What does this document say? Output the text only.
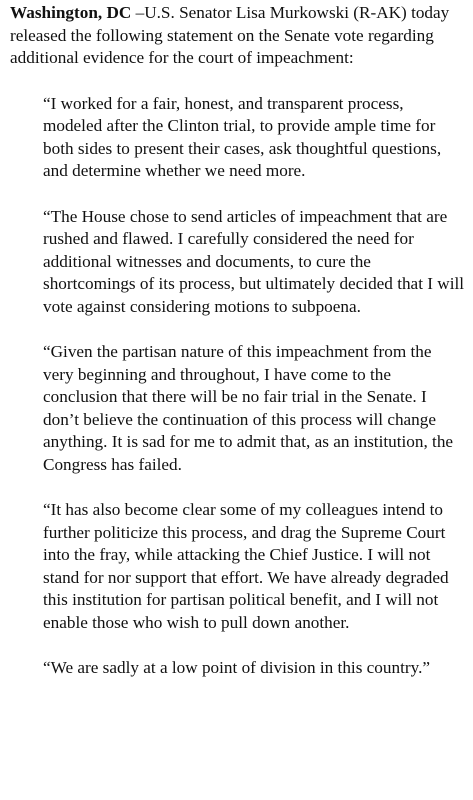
Washington, DC –U.S. Senator Lisa Murkowski (R-AK) today released the following statement on the Senate vote regarding additional evidence for the court of impeachment:

“I worked for a fair, honest, and transparent process, modeled after the Clinton trial, to provide ample time for both sides to present their cases, ask thoughtful questions, and determine whether we need more.

“The House chose to send articles of impeachment that are rushed and flawed. I carefully considered the need for additional witnesses and documents, to cure the shortcomings of its process, but ultimately decided that I will vote against considering motions to subpoena.

“Given the partisan nature of this impeachment from the very beginning and throughout, I have come to the conclusion that there will be no fair trial in the Senate. I don’t believe the continuation of this process will change anything. It is sad for me to admit that, as an institution, the Congress has failed.

“It has also become clear some of my colleagues intend to further politicize this process, and drag the Supreme Court into the fray, while attacking the Chief Justice. I will not stand for nor support that effort. We have already degraded this institution for partisan political benefit, and I will not enable those who wish to pull down another.

“We are sadly at a low point of division in this country.”
